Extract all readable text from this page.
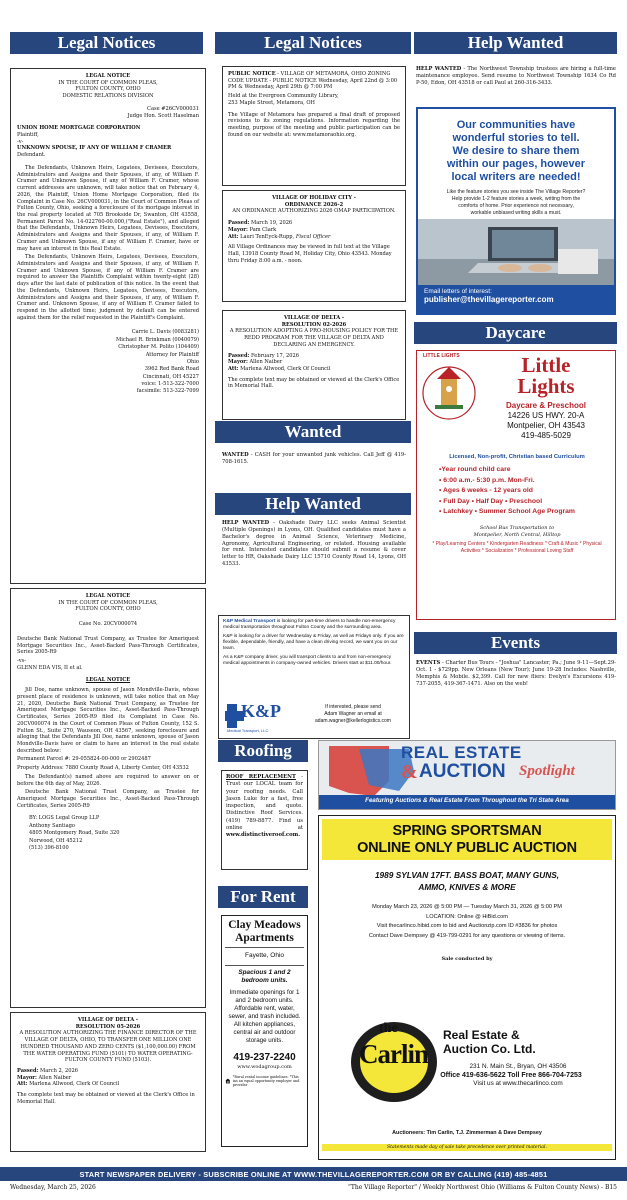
Legal Notices	Legal Notices	Help Wanted
LEGAL NOTICE
IN THE COURT OF COMMON PLEAS,
FULTON COUNTY, OHIO
DOMESTIC RELATIONS DIVISION
Case #26CV000031
Judge Hon. Scott Haselman
UNION HOME MORTGAGE CORPORATION
Plaintiff,
-v-
UNKNOWN SPOUSE, IF ANY OF WILLIAM F CRAMER
Defendant.

The Defendants, Unknown Heirs, Legatees, Devisees, Executors, Administrators and Assigns and their Spouses, if any, of William F. Cramer and Unknown Spouse, if any of William F. Cramer, whose current addresses are unknown, will take notice that on February 4, 2026, the Plaintiff, Union Home Mortgage Corporation, filed its Complaint in Case No. 26CV000031, in the Court of Common Pleas of Fulton County, Ohio, seeking a foreclosure of its mortgage interest in the real property located at 705 Brookside Dr, Swanton, OH 43558, Permanent Parcel No. 14-022760-00.000,("Real Estate"), and alleged that the Defendants, Unknown Heirs, Legatees, Devisees, Executors, Administrators and Assigns and their Spouses, if any, of William F. Cramer and Unknown Spouse, if any of William F. Cramer, have or may have an interest in this Real Estate.

The Defendants, Unknown Heirs, Legatees, Devisees, Executors, Administrators and Assigns and their Spouses, if any, of William F. Cramer and Unknown Spouse, if any of William F. Cramer are required to answer the Plaintiffs Complaint within twenty-eight (28) days after the last date of publication of this notice. In the event that the Defendants, Unknown Heirs, Legatees, Devisees, Executors, Administrators and Assigns and their Spouses, if any, of William F. Cramer and. Unknown Spouse, if any of William F. Cramer failed to respond in the allotted time; judgment by default can be entered against them for the relief requested in the Plaintiff's Complaint.

Carrie L. Davis (0083281)
Michael R. Brinkman (0040079)
Christopher M. Polito (104409)
Attorney for Plaintiff
Ohio
3962 Red Bank Road
Cincinnati, OH 45227
voice: 1-513-322-7000
facsimile: 513-322-7099
LEGAL NOTICE
IN THE COURT OF COMMON PLEAS,
FULTON COUNTY, OHIO
Case No. 20CV000074

Deutsche Bank National Trust Company, as Trustee for Ameriquest Mortgage Securities Inc., Asset-Backed Pass-Through Certificates, Series 2005-R9

-vs-
GLENN EDA VIS, II et al.
LEGAL NOTICE

Jill Doe, name unknown, spouse of Jason Mondville-Davis, whose present place of residence is unknown, will take notice that on May 21, 2020, Deutsche Bank National Trust Company, as Trustee for Ameriquest Mortgage Securities Inc., Asset-Backed Pass-Through Certificates, Series 2005-R9 filed its Complaint in Case No. 20CV000074 in the Court of Common Pleas of Fulton County, 152 S. Fulton St., Suite 270, Wauseon, OH 43567, seeking foreclosure and alleging that the Defendants Jill Doe, name unknown, spouse of Jason Mondville-Davis have or claim to have an interest in the real estate described below:

Permanent Parcel #: 29-055824-00-000 or 2902487

Property Address: 7880 County Road A, Liberty Center, OH 43532

The Defendant(s) named above are required to answer on or before the 6th day of May, 2026.

Deutsche Bank National Trust Company, as Trustee for Ameriquest Mortgage Securities Inc., Asset-Backed Pass-Through Certificates, Series 2005-R9

BY: LOGS Legal Group LLP
Anthony Santiago
4805 Montgomery Road, Suite 320
Norwood, OH 45212
(513) 396-8100
VILLAGE OF DELTA -
RESOLUTION 05-2026

A RESOLUTION AUTHORIZING THE FINANCE DIRECTOR OF THE VILLAGE OF DELTA, OHIO, TO TRANSFER ONE MILLION ONE HUNDRED THOUSAND AND ZERO CENTS ($1,100,000.00) FROM THE WATER OPERATING FUND (5101) TO WATER OPERATING- FULTON COUNTY FUND (5103).

Passed: March 2, 2026
Mayor: Allen Naiber
Att: Marlena Allwood, Clerk Of Council

The complete text may be obtained or viewed at the Clerk's Office in Memorial Hall.

PUBLIC NOTICE - VILLAGE OF METAMORA, OHIO ZONING CODE UPDATE - PUBLIC NOTICE Wednesday, April 22nd @ 3:00 PM & Wednesday, April 29th @ 7:00 PM

Held at the Evergreen Community Library,
253 Maple Street, Metamora, OH

The Village of Metamora has prepared a final draft of proposed revisions to its zoning regulations. Information regarding the meeting, purpose of the meeting and public participation can be found on our website at: www.metamoraohio.org.

VILLAGE OF HOLIDAY CITY -
ORDINANCE 2026-2

AN ORDINANCE AUTHORIZING 2026 OMAP PARTICIPATION.

Passed: March 19, 2026
Mayor: Pam Clark
Att: Lauri TenEyck-Rupp, Fiscal Officer

All Village Ordinances may be viewed in full text at the Village Hall, 13918 County Road M, Holiday City, Ohio 43543. Monday thru Friday 8:00 a.m. - noon.

VILLAGE OF DELTA -
RESOLUTION 02-2026

A RESOLUTION ADOPTING A PRO-HOUSING POLICY FOR THE REDD PROGRAM FOR THE VILLAGE OF DELTA AND DECLARING AN EMERGENCY.

Passed: February 17, 2026
Mayor: Allen Naiber
Att: Marlena Allwood, Clerk Of Council

The complete text may be obtained or viewed at the Clerk's Office in Memorial Hall.

Wanted
WANTED - CASH for your unwanted junk vehicles. Call Jeff @ 419-708-1615.
Help Wanted
HELP WANTED - Oakshade Dairy LLC seeks Animal Scientist (Multiple Openings) in Lyons, OH. Qualified candidates must have a Bachelor's degree in Animal Science, Veterinary Medicine, Agronomy, Agricultural Engineering, or related. Housing available for rent. Interested candidates should submit a resume & cover letter to HR, Oakshade Dairy LLC 15710 County Road 14, Lyons, OH 43533.

K&P Medical Transport is looking for part-time drivers to handle non-emergency medical transportation throughout Fulton County and the surrounding area.

K&P is looking for a driver for Wednesday & Friday, as well as Fridays only. If you are flexible, dependable, friendly, and have a clean driving record, we want you on our team.

As a K&P company driver, you will transport clients to and from non-emergency medical appointments in company-owned vehicles. Drivers start at $11.00/hour.

K&P
Medical Transport, LLC
If interested, please send
Adam Wagner an email at
adam.wagner@kellerlogistics.com
HELP WANTED - The Northwest Township trustees are hiring a full-time maintenance employee. Send resume to Northwest Township 1634 Co Rd P-50, Edon, OH 43518 or call Paul at 260-316-3433.
Our communities have
wonderful stories to tell.
We desire to share them
within our pages, however
local writers are needed!
Like the feature stories you see inside The Village Reporter?
Help provide 1-2 feature stories a week, writing from the
comforts of home. Prior experience not necessary,
workable unbiased writing skills a must.
Email letters of interest:
publisher@thevillagereporter.com
Daycare
LITTLE LIGHTS	Little
Lights
Daycare & Preschool
14226 US HWY. 20-A
Montpelier, OH 43543
419-485-5029
Licensed, Non-profit, Christian based Curriculum
•Year round child care
• 6:00 a.m.- 5:30 p.m. Mon-Fri.
• Ages 6 weeks - 12 years old
• Full Day • Half Day • Preschool
• Latchkey • Summer School Age Program
School Bus Transportation to
Montpelier, North Central, Hilltop
* Play/Learning Centers * Kindergarten Readiness * Craft & Music * Physical Activities * Socialization * Professional Loving Staff
Events
EVENTS - Charter Bus Tours - "Joshua" Lancaster, Pa.; June 9-11—Sept.29-Oct. 1 - $729pp. New Orleans (New Tour); June 19-28 Includes: Nashville, Memphis & Mobile. $2,399. Call for new fliers: Evelyn's Excursions 419-737-2055, 419-367-1471. Also on the web!
Roofing
ROOF REPLACEMENT - Trust our LOCAL team for your roofing needs. Call Jason Luke for a fast, free inspection, and quote. Distinctive Roof Services. (419) 789-8877. Find us online at www.distinctiveroof.com.
For Rent
Clay Meadows
Apartments
Fayette, Ohio
Spacious 1 and 2
bedroom units.
Immediate openings for 1 and 2 bedroom units. Affordable rent, water, sewer, and trash included. All kitchen appliances, central air and outdoor storage units.
419-237-2240
www.wodagroup.com
*Rural rental income guidelines. *This ins an equal opportunity employer and provider
REAL ESTATE
& AUCTION Spotlight
Featuring Auctions & Real Estate From Throughout the Tri State Area
SPRING SPORTSMAN
ONLINE ONLY PUBLIC AUCTION
1989 SYLVAN 17FT. BASS BOAT, MANY GUNS,
AMMO, KNIVES & MORE
Monday March 23, 2026 @ 5:00 PM — Tuesday March 31, 2026 @ 5:00 PM
LOCATION: Online @ HiBid.com
Visit thecarlinco.hibid.com to bid and Auctionzip.com ID #3836 for photos
Contact Dave Dempsey @ 419-799-0291 for any questions or viewing of items.
Sale conducted by
the
Carlin
Real Estate &
Auction Co. Ltd.
231 N. Main St., Bryan, OH 43506
Office 419-636-5622 Toll Free 866-704-7253
Visit us at www.thecarlinco.com
Auctioneers: Tim Carlin, T.J. Zimmerman & Dave Dempsey
Statements made day of sale take precedence over printed material.
START NEWSPAPER DELIVERY - SUBSCRIBE ONLINE AT WWW.THEVILLAGEREPORTER.COM OR BY CALLING (419) 485-4851
Wednesday, March 25, 2026	"The Village Reporter" / Weekly Northwest Ohio (Williams & Fulton County News) - B15
